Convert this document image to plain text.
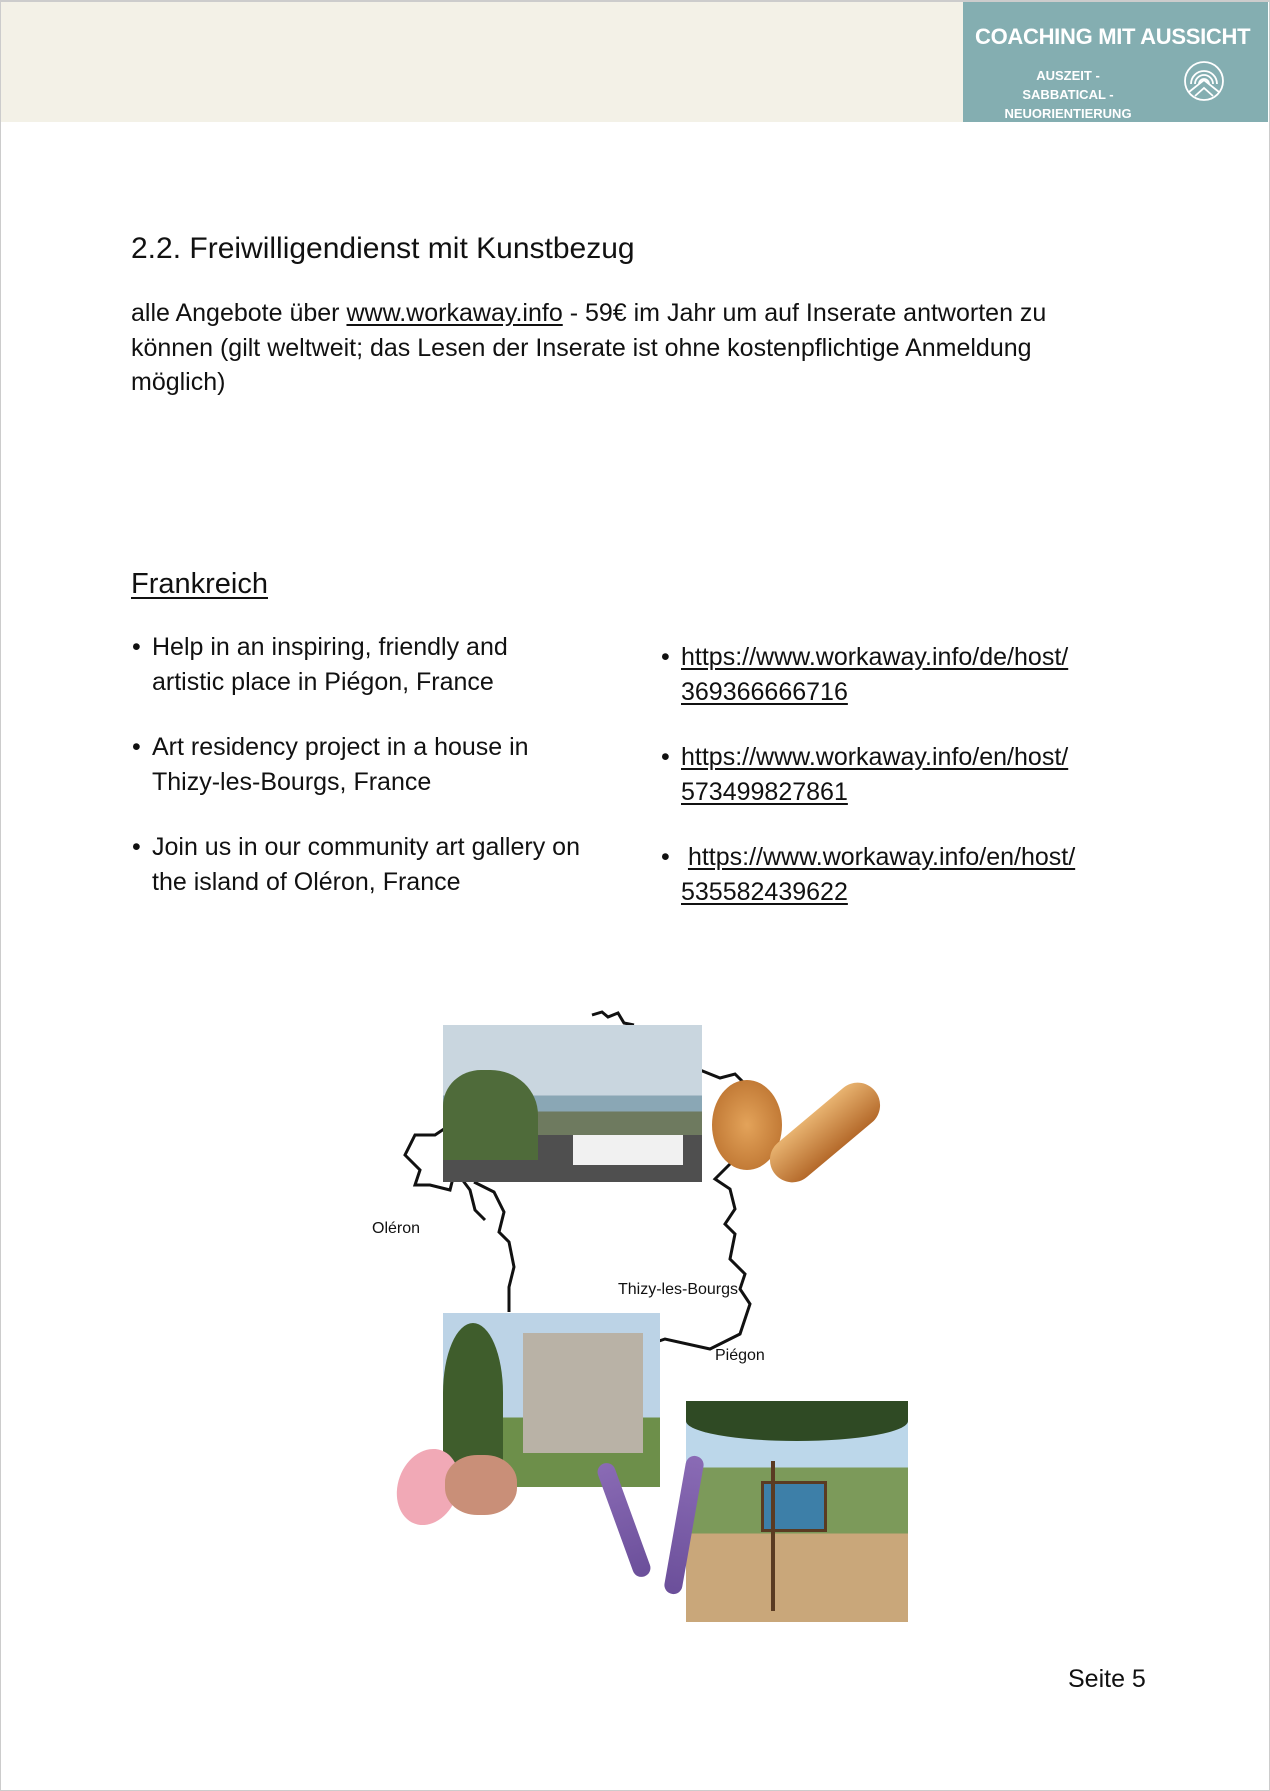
COACHING MIT AUSSICHT
AUSZEIT - SABBATICAL -
NEUORIENTIERUNG
2.2. Freiwilligendienst mit Kunstbezug
alle Angebote über www.workaway.info - 59€ im Jahr um auf Inserate antworten zu können (gilt weltweit; das Lesen der Inserate ist ohne kostenpflichtige Anmeldung möglich)
Frankreich
• Help in an inspiring, friendly and
artistic place in Piégon, France
• Art residency project in a house in
Thizy-les-Bourgs, France
• Join us in our community art gallery on
the island of Oléron, France
• https://www.workaway.info/de/host/
369366666716
• https://www.workaway.info/en/host/
573499827861
• https://www.workaway.info/en/host/
535582439622
Oléron
Thizy-les-Bourgs
Piégon
Seite 5
